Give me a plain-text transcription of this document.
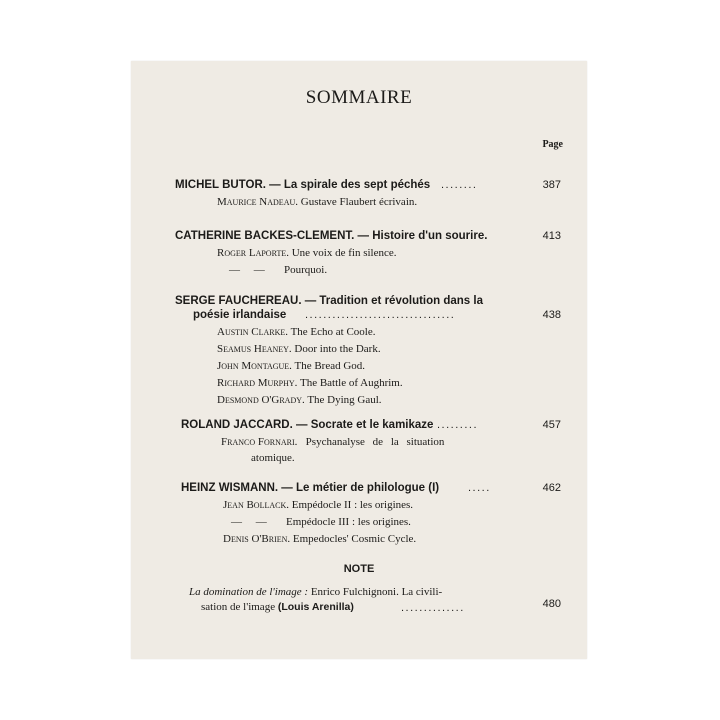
SOMMAIRE
Page
MICHEL BUTOR. — La spirale des sept péchés ........	387
Maurice Nadeau. Gustave Flaubert écrivain.
CATHERINE BACKES-CLEMENT. — Histoire d'un sourire.	413
Roger Laporte. Une voix de fin silence.
—     — Pourquoi.
SERGE FAUCHEREAU. — Tradition et révolution dans la
poésie irlandaise .................................	438
Austin Clarke. The Echo at Coole.
Seamus Heaney. Door into the Dark.
John Montague. The Bread God.
Richard Murphy. The Battle of Aughrim.
Desmond O'Grady. The Dying Gaul.
ROLAND JACCARD. — Socrate et le kamikaze .........	457
Franco Fornari. Psychanalyse de la situation
atomique.
HEINZ WISMANN. — Le métier de philologue (I)	.....	462
Jean Bollack. Empédocle II : les origines.
—     — Empédocle III : les origines.
Denis O'Brien. Empedocles' Cosmic Cycle.
NOTE
La domination de l'image : Enrico Fulchignoni. La civili-
sation de l'image (Louis Arenilla)	..............	480
